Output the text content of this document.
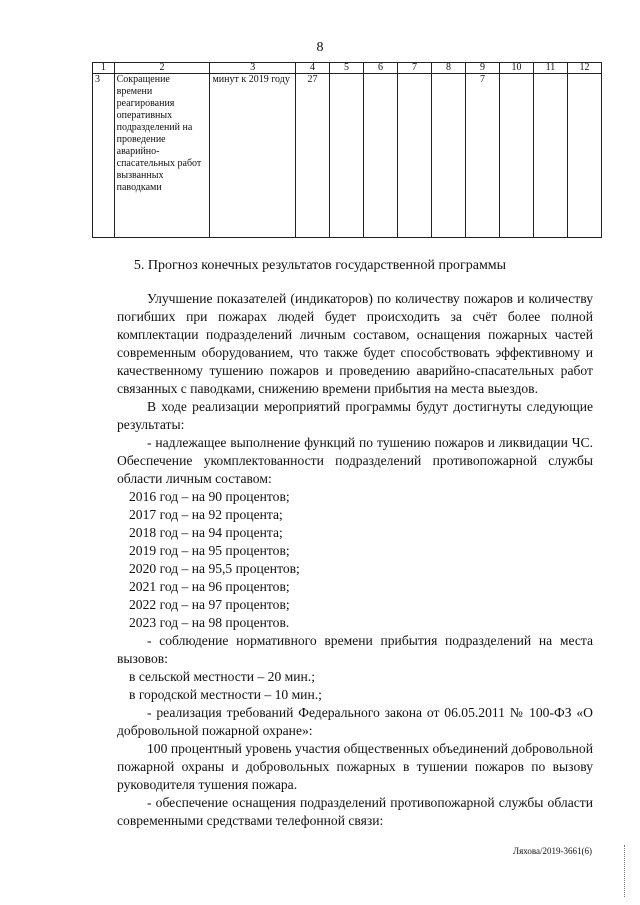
8
1	2	3	4	5	6	7	8	9	10	11	12
3	Сокращение времени реагирования оперативных подразделений на проведение аварийно-спасательных работ вызванных паводками	минут к 2019 году	27					7			
5. Прогноз конечных результатов государственной программы

Улучшение показателей (индикаторов) по количеству пожаров и количеству погибших при пожарах людей будет происходить за счёт более полной комплектации подразделений личным составом, оснащения пожарных частей современным оборудованием, что также будет способствовать эффективному и качественному тушению пожаров и проведению аварийно-спасательных работ связанных с паводками, снижению времени прибытия на места выездов.

В ходе реализации мероприятий программы будут достигнуты следующие результаты:

- надлежащее выполнение функций по тушению пожаров и ликвидации ЧС. Обеспечение укомплектованности подразделений противопожарной службы области личным составом:

2016 год – на 90 процентов;

2017 год – на 92 процента;

2018 год – на 94 процента;

2019 год – на 95 процентов;

2020 год – на 95,5 процентов;

2021 год – на 96 процентов;

2022 год – на 97 процентов;

2023 год – на 98 процентов.

- соблюдение нормативного времени прибытия подразделений на места вызовов:

в сельской местности – 20 мин.;

в городской местности – 10 мин.;

- реализация требований Федерального закона от 06.05.2011 № 100-ФЗ «О добровольной пожарной охране»:

100 процентный уровень участия общественных объединений добровольной пожарной охраны и добровольных пожарных в тушении пожаров по вызову руководителя тушения пожара.

- обеспечение оснащения подразделений противопожарной службы области современными средствами телефонной связи:

Ляхова/2019-3661(6)
